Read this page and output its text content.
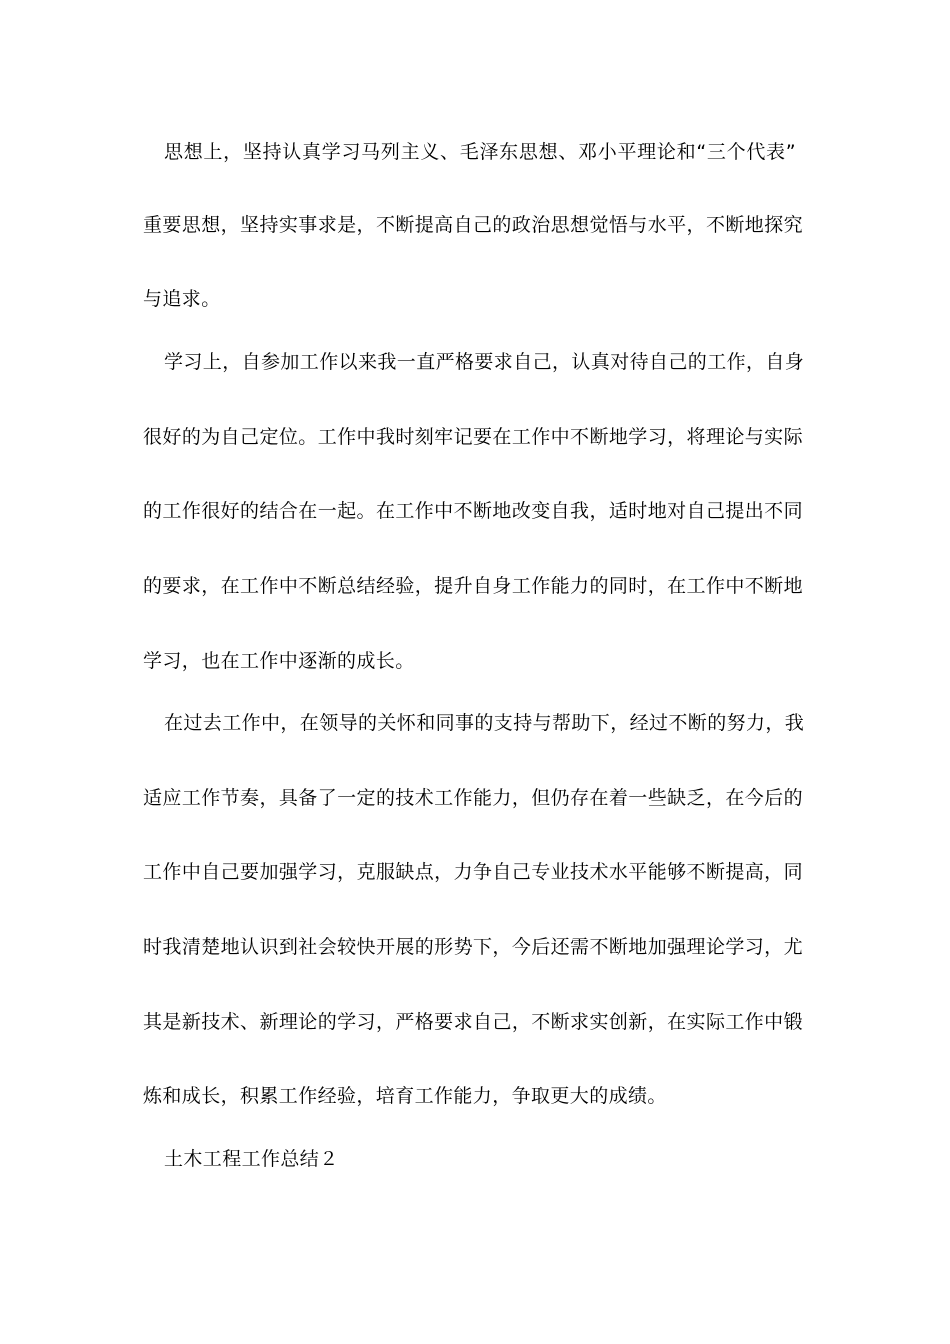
思想上，坚持认真学习马列主义、毛泽东思想、邓小平理论和“三个代表”
重要思想，坚持实事求是，不断提高自己的政治思想觉悟与水平，不断地探究
与追求。
学习上，自参加工作以来我一直严格要求自己，认真对待自己的工作，自身
很好的为自己定位。工作中我时刻牢记要在工作中不断地学习，将理论与实际
的工作很好的结合在一起。在工作中不断地改变自我，适时地对自己提出不同
的要求，在工作中不断总结经验，提升自身工作能力的同时，在工作中不断地
学习，也在工作中逐渐的成长。
在过去工作中，在领导的关怀和同事的支持与帮助下，经过不断的努力，我
适应工作节奏，具备了一定的技术工作能力，但仍存在着一些缺乏，在今后的
工作中自己要加强学习，克服缺点，力争自己专业技术水平能够不断提高，同
时我清楚地认识到社会较快开展的形势下，今后还需不断地加强理论学习，尤
其是新技术、新理论的学习，严格要求自己，不断求实创新，在实际工作中锻
炼和成长，积累工作经验，培育工作能力，争取更大的成绩。
土木工程工作总结２
